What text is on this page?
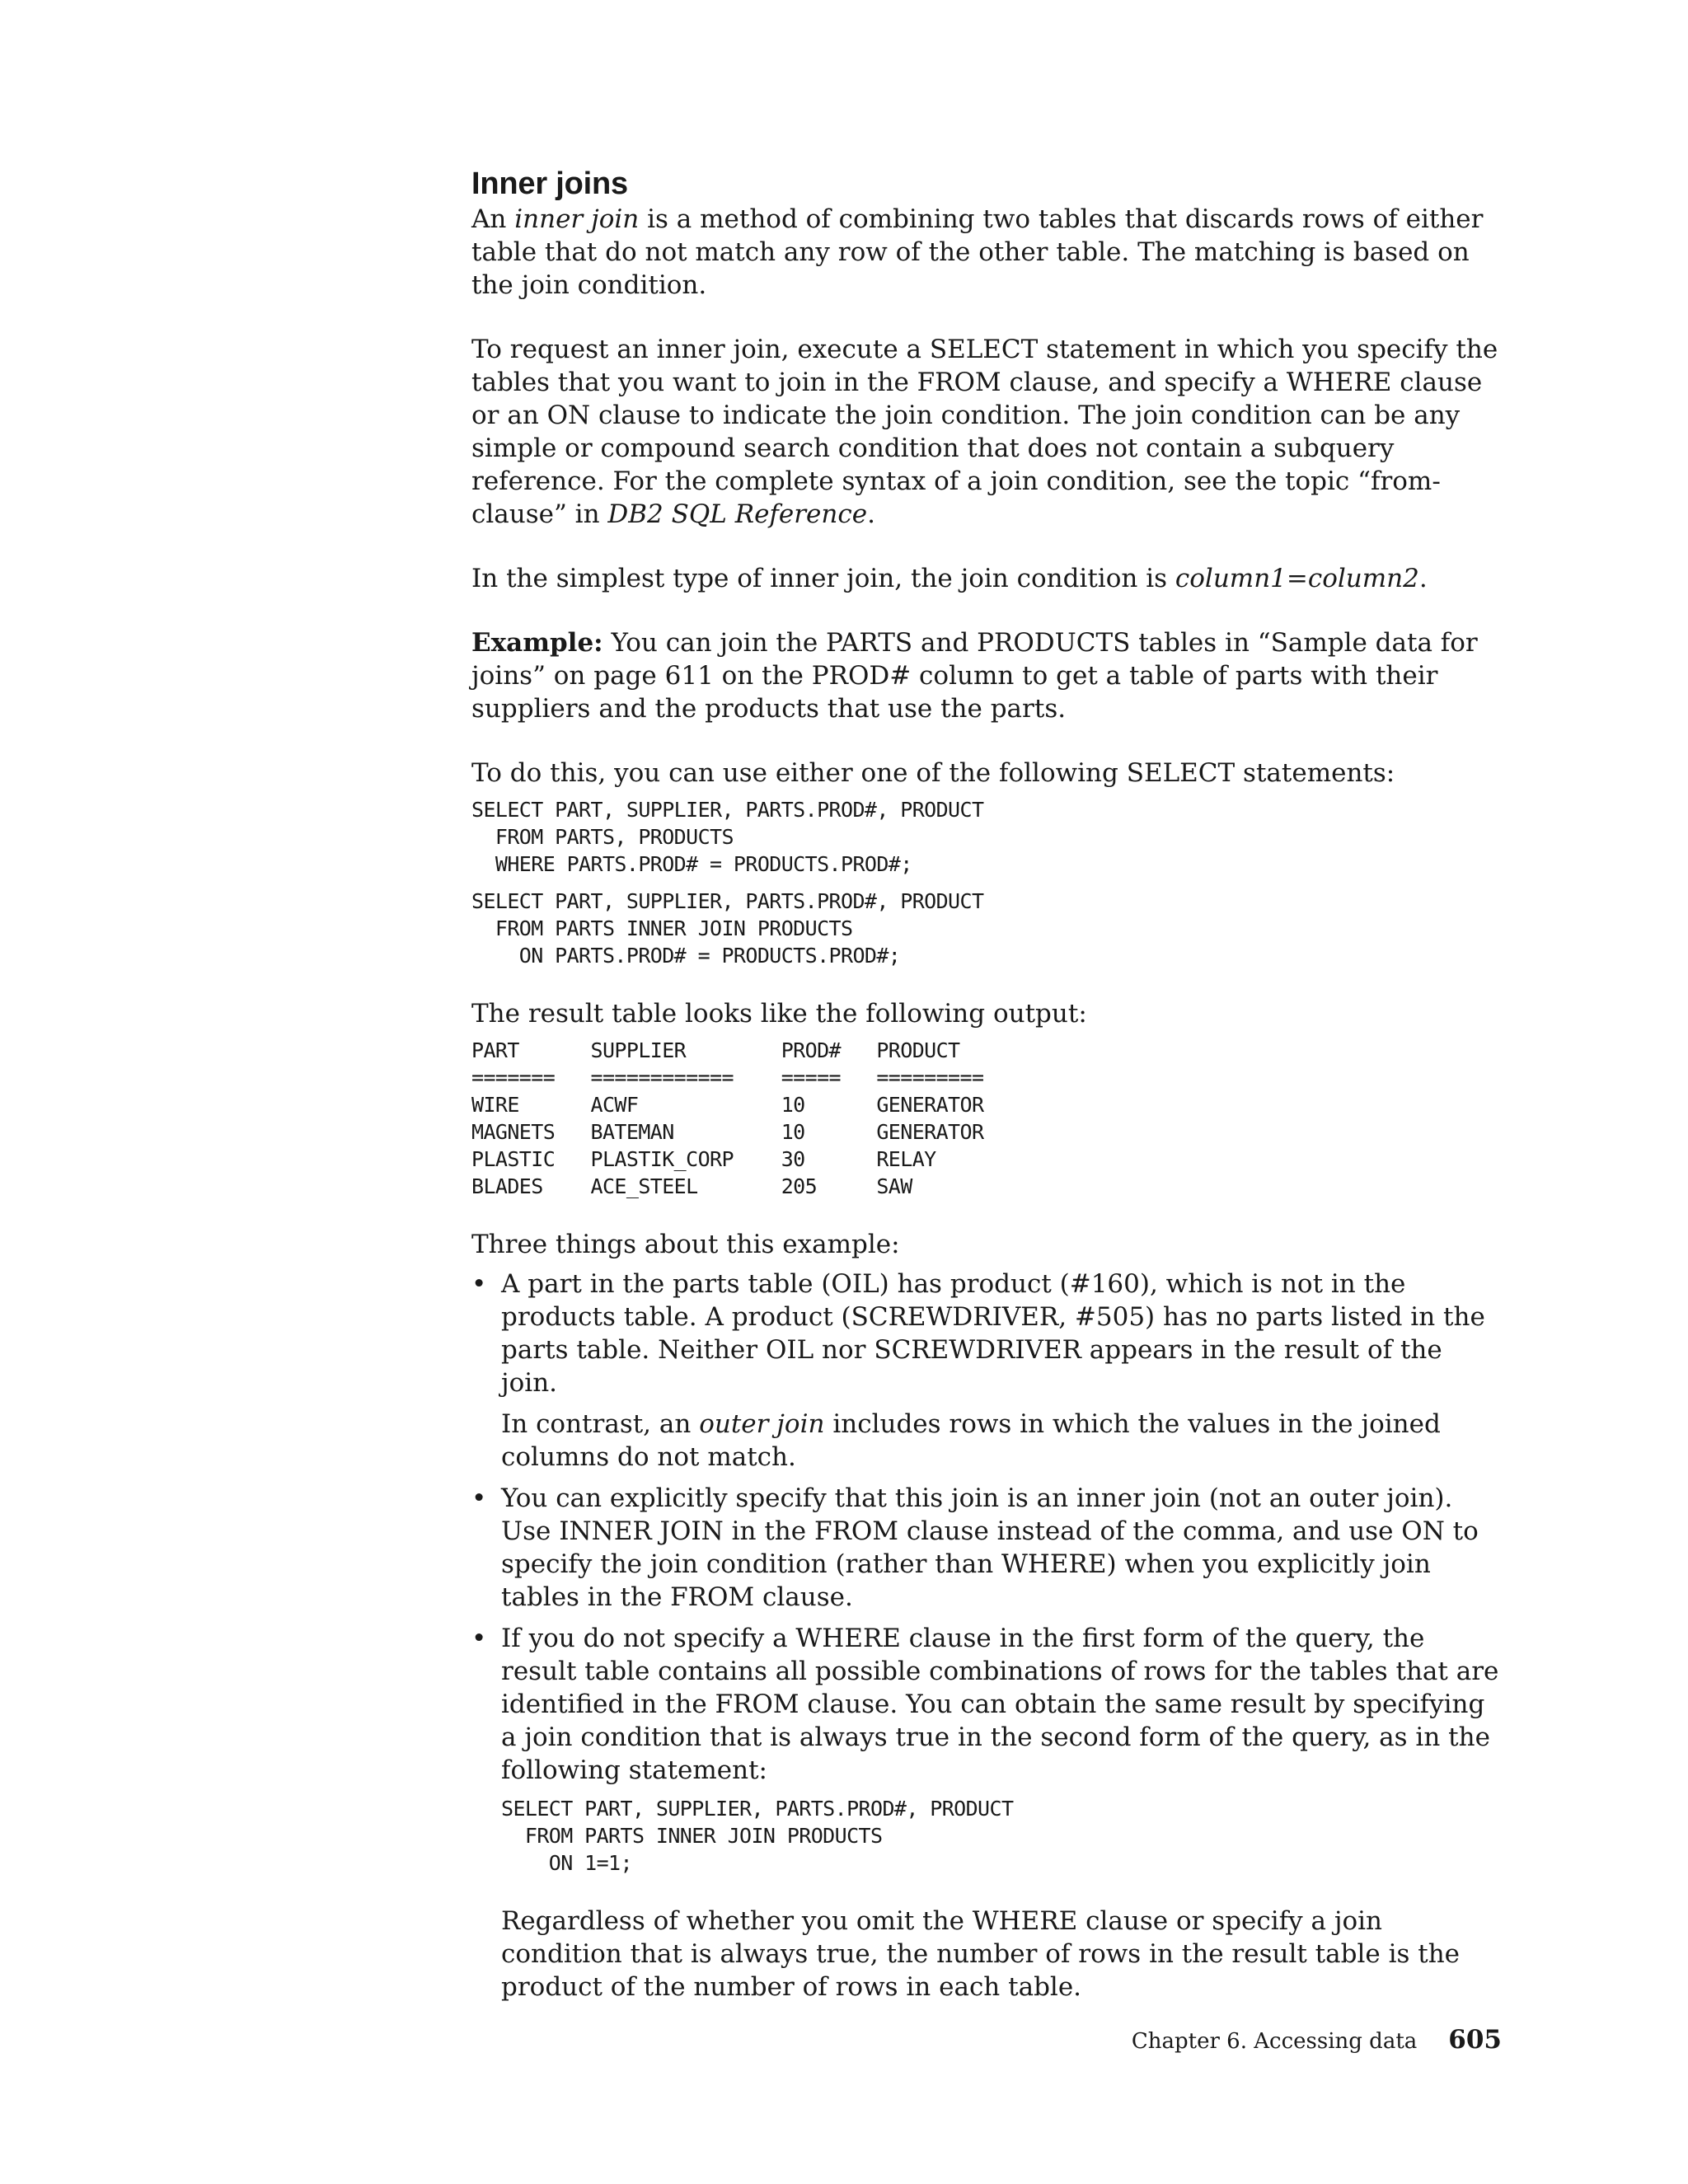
Inner joins

An inner join is a method of combining two tables that discards rows of either table that do not match any row of the other table. The matching is based on the join condition.

To request an inner join, execute a SELECT statement in which you specify the tables that you want to join in the FROM clause, and specify a WHERE clause or an ON clause to indicate the join condition. The join condition can be any simple or compound search condition that does not contain a subquery reference. For the complete syntax of a join condition, see the topic “from-clause” in DB2 SQL Reference.

In the simplest type of inner join, the join condition is column1=column2.

Example: You can join the PARTS and PRODUCTS tables in “Sample data for joins” on page 611 on the PROD# column to get a table of parts with their suppliers and the products that use the parts.

To do this, you can use either one of the following SELECT statements:

SELECT PART, SUPPLIER, PARTS.PROD#, PRODUCT
FROM PARTS, PRODUCTS
WHERE PARTS.PROD# = PRODUCTS.PROD#;
SELECT PART, SUPPLIER, PARTS.PROD#, PRODUCT
FROM PARTS INNER JOIN PRODUCTS
ON PARTS.PROD# = PRODUCTS.PROD#;

The result table looks like the following output:

PART      SUPPLIER        PROD#   PRODUCT
=======   ============    =====   =========
WIRE      ACWF            10      GENERATOR
MAGNETS   BATEMAN         10      GENERATOR
PLASTIC   PLASTIK_CORP    30      RELAY
BLADES    ACE_STEEL       205     SAW

Three things about this example:

• A part in the parts table (OIL) has product (#160), which is not in the products table. A product (SCREWDRIVER, #505) has no parts listed in the parts table. Neither OIL nor SCREWDRIVER appears in the result of the join.
In contrast, an outer join includes rows in which the values in the joined columns do not match.
• You can explicitly specify that this join is an inner join (not an outer join). Use INNER JOIN in the FROM clause instead of the comma, and use ON to specify the join condition (rather than WHERE) when you explicitly join tables in the FROM clause.
• If you do not specify a WHERE clause in the first form of the query, the result table contains all possible combinations of rows for the tables that are identified in the FROM clause. You can obtain the same result by specifying a join condition that is always true in the second form of the query, as in the following statement:
SELECT PART, SUPPLIER, PARTS.PROD#, PRODUCT
FROM PARTS INNER JOIN PRODUCTS
ON 1=1;
Regardless of whether you omit the WHERE clause or specify a join condition that is always true, the number of rows in the result table is the product of the number of rows in each table.
Chapter 6. Accessing data 605
